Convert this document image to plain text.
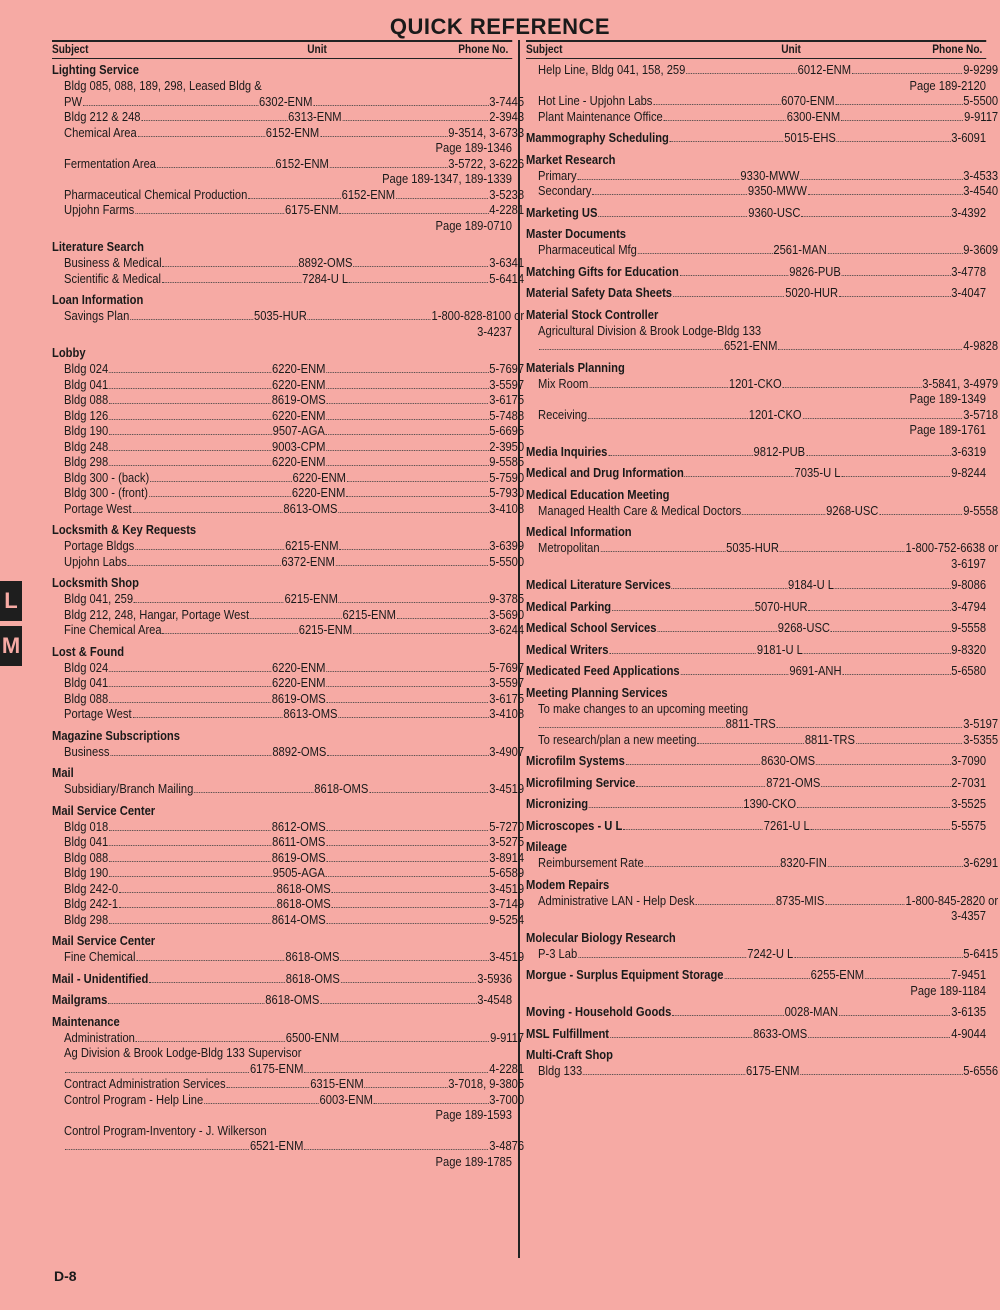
QUICK REFERENCE
Subject	Unit	Phone No.
Lighting Service
Bldg 085, 088, 189, 298, Leased Bldg &
PW	6302-ENM	3-7445
Bldg 212 & 248	6313-ENM	2-3943
Chemical Area	6152-ENM	9-3514, 3-6733
Page 189-1346
Fermentation Area	6152-ENM	3-5722, 3-6226
Page 189-1347, 189-1339
Pharmaceutical Chemical Production	6152-ENM	3-5238
Upjohn Farms	6175-ENM	4-2281
Page 189-0710
Literature Search
Business & Medical	8892-OMS	3-6341
Scientific & Medical	7284-U L	5-6414
Loan Information
Savings Plan	5035-HUR	1-800-828-8100 or
3-4237
Lobby
Bldg 024	6220-ENM	5-7697
Bldg 041	6220-ENM	3-5597
Bldg 088	8619-OMS	3-6175
Bldg 126	6220-ENM	5-7488
Bldg 190	9507-AGA	5-6695
Bldg 248	9003-CPM	2-3950
Bldg 298	6220-ENM	9-5585
Bldg 300 - (back)	6220-ENM	5-7590
Bldg 300 - (front)	6220-ENM	5-7930
Portage West	8613-OMS	3-4108
Locksmith & Key Requests
Portage Bldgs	6215-ENM	3-6399
Upjohn Labs	6372-ENM	5-5500
Locksmith Shop
Bldg 041, 259	6215-ENM	9-3785
Bldg 212, 248, Hangar, Portage West	6215-ENM	3-5690
Fine Chemical Area	6215-ENM	3-6244
Lost & Found
Bldg 024	6220-ENM	5-7697
Bldg 041	6220-ENM	3-5597
Bldg 088	8619-OMS	3-6175
Portage West	8613-OMS	3-4108
Magazine Subscriptions
Business	8892-OMS	3-4907
Mail
Subsidiary/Branch Mailing	8618-OMS	3-4519
Mail Service Center
Bldg 018	8612-OMS	5-7270
Bldg 041	8611-OMS	3-5275
Bldg 088	8619-OMS	3-8914
Bldg 190	9505-AGA	5-6589
Bldg 242-0	8618-OMS	3-4519
Bldg 242-1	8618-OMS	3-7149
Bldg 298	8614-OMS	9-5254
Mail Service Center
Fine Chemical	8618-OMS	3-4519
Mail - Unidentified	8618-OMS	3-5936
Mailgrams	8618-OMS	3-4548
Maintenance
Administration	6500-ENM	9-9117
Ag Division & Brook Lodge-Bldg 133 Supervisor
6175-ENM	4-2281
Contract Administration Services	6315-ENM	3-7018, 9-3805
Control Program - Help Line	6003-ENM	3-7000
Page 189-1593
Control Program-Inventory - J. Wilkerson
6521-ENM	3-4876
Page 189-1785
Subject	Unit	Phone No.
Help Line, Bldg 041, 158, 259	6012-ENM	9-9299
Page 189-2120
Hot Line - Upjohn Labs	6070-ENM	5-5500
Plant Maintenance Office	6300-ENM	9-9117
Mammography Scheduling	5015-EHS	3-6091
Market Research
Primary	9330-MWW	3-4533
Secondary	9350-MWW	3-4540
Marketing US	9360-USC	3-4392
Master Documents
Pharmaceutical Mfg	2561-MAN	9-3609
Matching Gifts for Education	9826-PUB	3-4778
Material Safety Data Sheets	5020-HUR	3-4047
Material Stock Controller
Agricultural Division & Brook Lodge-Bldg 133
6521-ENM	4-9828
Materials Planning
Mix Room	1201-CKO	3-5841, 3-4979
Page 189-1349
Receiving	1201-CKO	3-5718
Page 189-1761
Media Inquiries	9812-PUB	3-6319
Medical and Drug Information	7035-U L	9-8244
Medical Education Meeting
Managed Health Care & Medical Doctors	9268-USC	9-5558
Medical Information
Metropolitan	5035-HUR	1-800-752-6638 or
3-6197
Medical Literature Services	9184-U L	9-8086
Medical Parking	5070-HUR	3-4794
Medical School Services	9268-USC	9-5558
Medical Writers	9181-U L	9-8320
Medicated Feed Applications	9691-ANH	5-6580
Meeting Planning Services
To make changes to an upcoming meeting
8811-TRS	3-5197
To research/plan a new meeting	8811-TRS	3-5355
Microfilm Systems	8630-OMS	3-7090
Microfilming Service	8721-OMS	2-7031
Micronizing	1390-CKO	3-5525
Microscopes - U L	7261-U L	5-5575
Mileage
Reimbursement Rate	8320-FIN	3-6291
Modem Repairs
Administrative LAN - Help Desk	8735-MIS	1-800-845-2820 or
3-4357
Molecular Biology Research
P-3 Lab	7242-U L	5-6415
Morgue - Surplus Equipment Storage	6255-ENM	7-9451
Page 189-1184
Moving - Household Goods	0028-MAN	3-6135
MSL Fulfillment	8633-OMS	4-9044
Multi-Craft Shop
Bldg 133	6175-ENM	5-6556
L
M
D-8
